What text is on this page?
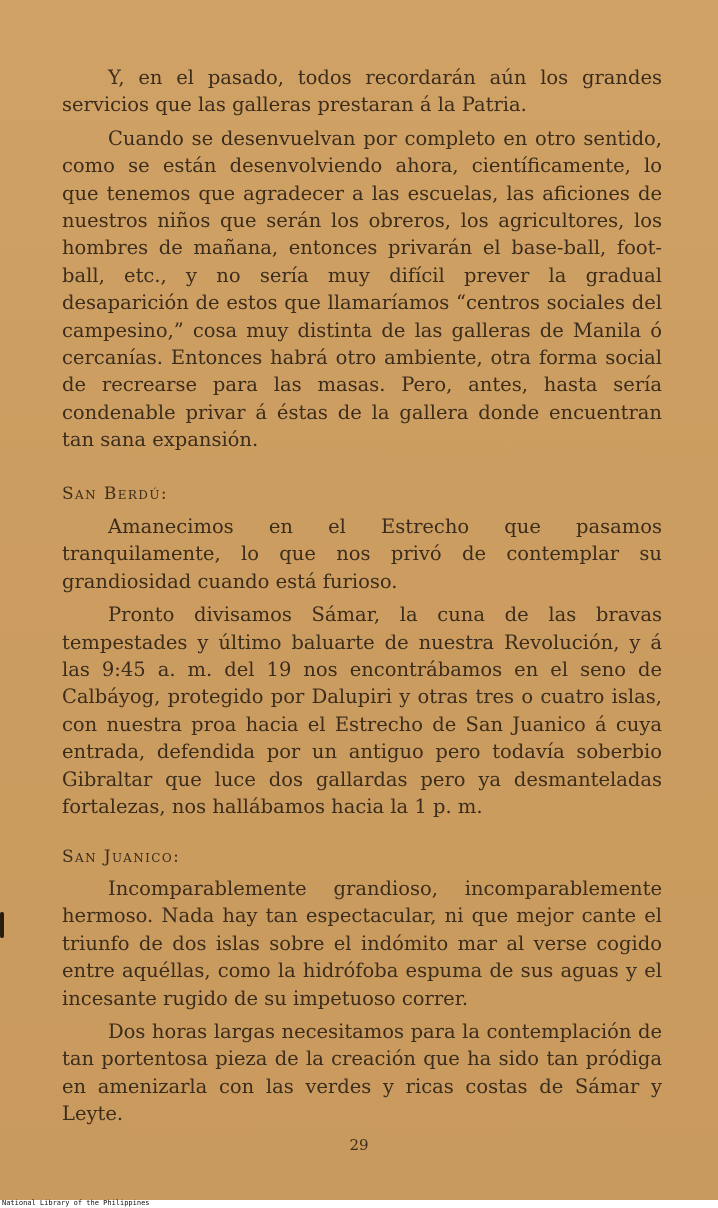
Y, en el pasado, todos recordarán aún los grandes servicios que las galleras prestaran á la Patria.

Cuando se desenvuelvan por completo en otro sentido, como se están desenvolviendo ahora, científicamente, lo que tenemos que agradecer a las escuelas, las aficiones de nuestros niños que serán los obreros, los agricultores, los hombres de mañana, entonces privarán el base-ball, foot-ball, etc., y no sería muy difícil prever la gradual desaparición de estos que llamaríamos “centros sociales del campesino,” cosa muy distinta de las galleras de Manila ó cercanías. Entonces habrá otro ambiente, otra forma social de recrearse para las masas. Pero, antes, hasta sería condenable privar á éstas de la gallera donde encuentran tan sana expansión.

San Berdú:

Amanecimos en el Estrecho que pasamos tranquilamente, lo que nos privó de contemplar su grandiosidad cuando está furioso.

Pronto divisamos Sámar, la cuna de las bravas tempestades y último baluarte de nuestra Revolución, y á las 9:45 a. m. del 19 nos encontrábamos en el seno de Calbáyog, protegido por Dalupiri y otras tres o cuatro islas, con nuestra proa hacia el Estrecho de San Juanico á cuya entrada, defendida por un antiguo pero todavía soberbio Gibraltar que luce dos gallardas pero ya desmanteladas fortalezas, nos hallábamos hacia la 1 p. m.

San Juanico:

Incomparablemente grandioso, incomparablemente hermoso. Nada hay tan espectacular, ni que mejor cante el triunfo de dos islas sobre el indómito mar al verse cogido entre aquéllas, como la hidrófoba espuma de sus aguas y el incesante rugido de su impetuoso correr.

Dos horas largas necesitamos para la contemplación de tan portentosa pieza de la creación que ha sido tan pródiga en amenizarla con las verdes y ricas costas de Sámar y Leyte.

29
National Library of the Philippines
